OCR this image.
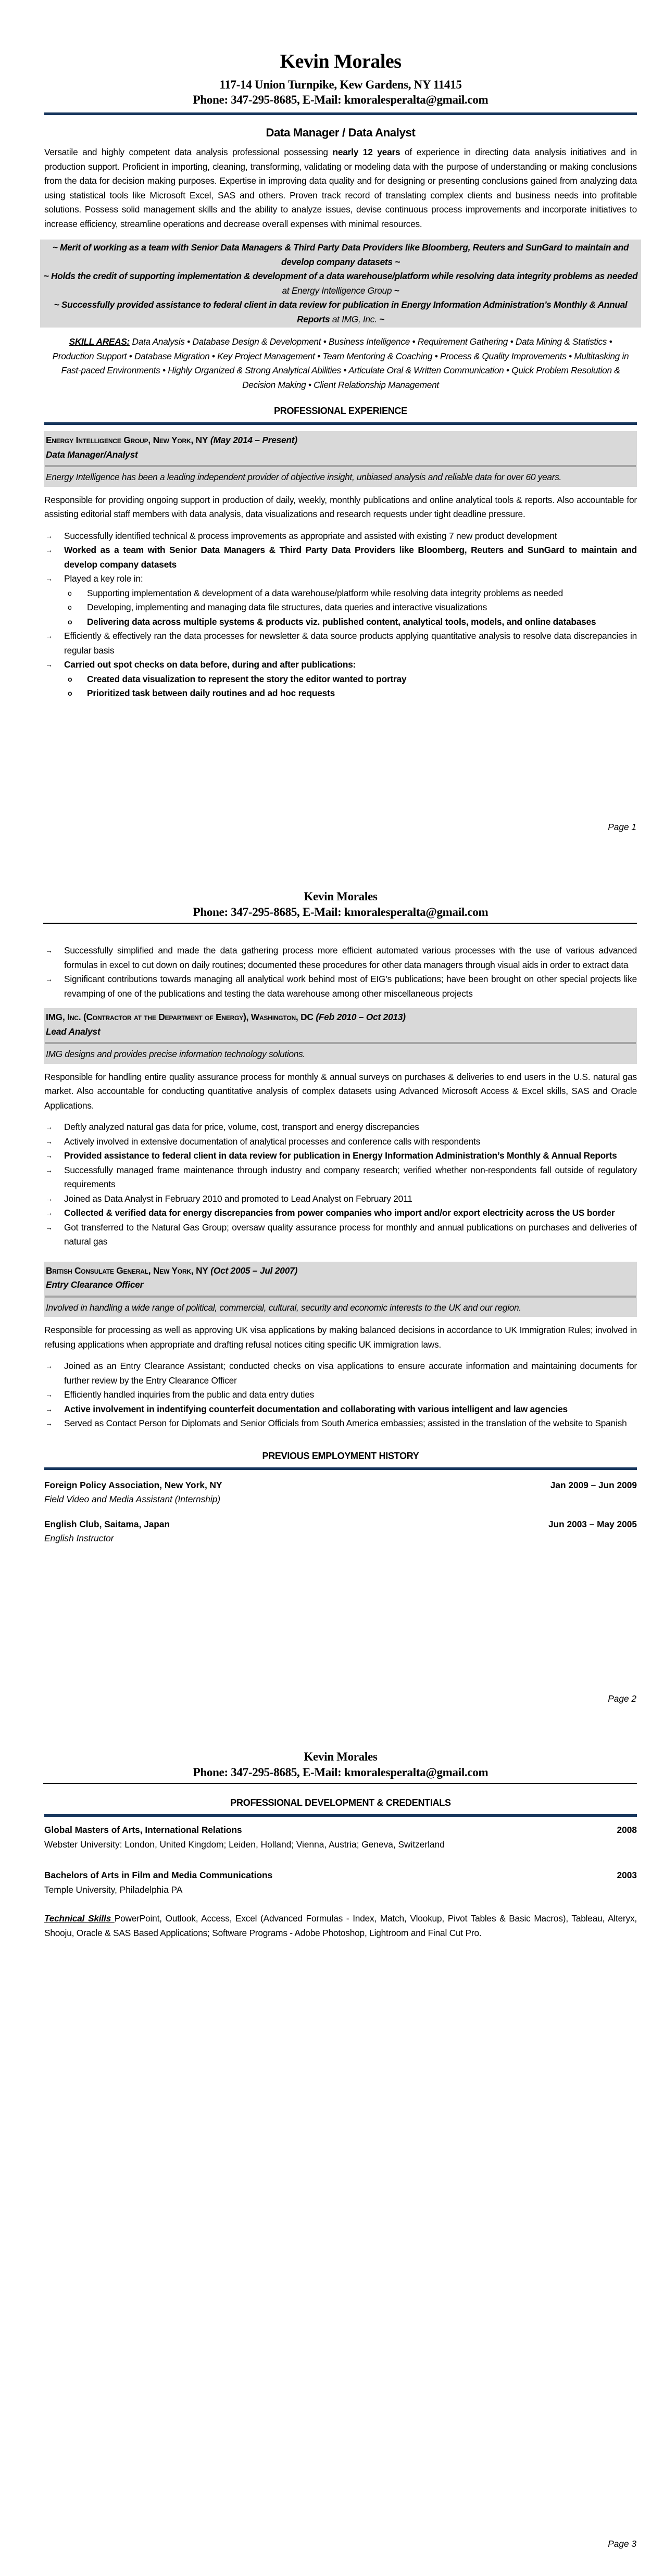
Kevin Morales
117-14 Union Turnpike, Kew Gardens, NY 11415
Phone: 347-295-8685, E-Mail: kmoralesperalta@gmail.com
Data Manager / Data Analyst
Versatile and highly competent data analysis professional possessing nearly 12 years of experience in directing data analysis initiatives and in production support. Proficient in importing, cleaning, transforming, validating or modeling data with the purpose of understanding or making conclusions from the data for decision making purposes. Expertise in improving data quality and for designing or presenting conclusions gained from analyzing data using statistical tools like Microsoft Excel, SAS and others. Proven track record of translating complex clients and business needs into profitable solutions. Possess solid management skills and the ability to analyze issues, devise continuous process improvements and incorporate initiatives to increase efficiency, streamline operations and decrease overall expenses with minimal resources.
~ Merit of working as a team with Senior Data Managers & Third Party Data Providers like Bloomberg, Reuters and SunGard to maintain and develop company datasets ~
~ Holds the credit of supporting implementation & development of a data warehouse/platform while resolving data integrity problems as needed at Energy Intelligence Group ~
~ Successfully provided assistance to federal client in data review for publication in Energy Information Administration’s Monthly & Annual Reports at IMG, Inc. ~
SKILL AREAS: Data Analysis • Database Design & Development • Business Intelligence • Requirement Gathering • Data Mining & Statistics • Production Support • Database Migration • Key Project Management • Team Mentoring & Coaching • Process & Quality Improvements • Multitasking in Fast-paced Environments • Highly Organized & Strong Analytical Abilities • Articulate Oral & Written Communication • Quick Problem Resolution & Decision Making • Client Relationship Management
PROFESSIONAL EXPERIENCE
Energy Intelligence Group, New York, NY (May 2014 – Present)
Data Manager/Analyst
Energy Intelligence has been a leading independent provider of objective insight, unbiased analysis and reliable data for over 60 years.
Responsible for providing ongoing support in production of daily, weekly, monthly publications and online analytical tools & reports. Also accountable for assisting editorial staff members with data analysis, data visualizations and research requests under tight deadline pressure.
→ Successfully identified technical & process improvements as appropriate and assisted with existing 7 new product development
→ Worked as a team with Senior Data Managers & Third Party Data Providers like Bloomberg, Reuters and SunGard to maintain and develop company datasets
→ Played a key role in:
o Supporting implementation & development of a data warehouse/platform while resolving data integrity problems as needed
o Developing, implementing and managing data file structures, data queries and interactive visualizations
o Delivering data across multiple systems & products viz. published content, analytical tools, models, and online databases
→ Efficiently & effectively ran the data processes for newsletter & data source products applying quantitative analysis to resolve data discrepancies in regular basis
→ Carried out spot checks on data before, during and after publications:
o Created data visualization to represent the story the editor wanted to portray
o Prioritized task between daily routines and ad hoc requests
Page 1
Kevin Morales
Phone: 347-295-8685, E-Mail: kmoralesperalta@gmail.com
→ Successfully simplified and made the data gathering process more efficient automated various processes with the use of various advanced formulas in excel to cut down on daily routines; documented these procedures for other data managers through visual aids in order to extract data
→ Significant contributions towards managing all analytical work behind most of EIG’s publications; have been brought on other special projects like revamping of one of the publications and testing the data warehouse among other miscellaneous projects
IMG, Inc. (Contractor at the Department of Energy), Washington, DC (Feb 2010 – Oct 2013)
Lead Analyst
IMG designs and provides precise information technology solutions.
Responsible for handling entire quality assurance process for monthly & annual surveys on purchases & deliveries to end users in the U.S. natural gas market. Also accountable for conducting quantitative analysis of complex datasets using Advanced Microsoft Access & Excel skills, SAS and Oracle Applications.
→ Deftly analyzed natural gas data for price, volume, cost, transport and energy discrepancies
→ Actively involved in extensive documentation of analytical processes and conference calls with respondents
→ Provided assistance to federal client in data review for publication in Energy Information Administration’s Monthly & Annual Reports
→ Successfully managed frame maintenance through industry and company research; verified whether non-respondents fall outside of regulatory requirements
→ Joined as Data Analyst in February 2010 and promoted to Lead Analyst on February 2011
→ Collected & verified data for energy discrepancies from power companies who import and/or export electricity across the US border
→ Got transferred to the Natural Gas Group; oversaw quality assurance process for monthly and annual publications on purchases and deliveries of natural gas
British Consulate General, New York, NY (Oct 2005 – Jul 2007)
Entry Clearance Officer
Involved in handling a wide range of political, commercial, cultural, security and economic interests to the UK and our region.
Responsible for processing as well as approving UK visa applications by making balanced decisions in accordance to UK Immigration Rules; involved in refusing applications when appropriate and drafting refusal notices citing specific UK immigration laws.
→ Joined as an Entry Clearance Assistant; conducted checks on visa applications to ensure accurate information and maintaining documents for further review by the Entry Clearance Officer
→ Efficiently handled inquiries from the public and data entry duties
→ Active involvement in indentifying counterfeit documentation and collaborating with various intelligent and law agencies
→ Served as Contact Person for Diplomats and Senior Officials from South America embassies; assisted in the translation of the website to Spanish
PREVIOUS EMPLOYMENT HISTORY
Foreign Policy Association, New York, NY	Jan 2009 – Jun 2009
Field Video and Media Assistant (Internship)
English Club, Saitama, Japan	Jun 2003 – May 2005
English Instructor
Page 2
Kevin Morales
Phone: 347-295-8685, E-Mail: kmoralesperalta@gmail.com
PROFESSIONAL DEVELOPMENT & CREDENTIALS
Global Masters of Arts, International Relations	2008
Webster University: London, United Kingdom; Leiden, Holland; Vienna, Austria; Geneva, Switzerland
Bachelors of Arts in Film and Media Communications	2003
Temple University, Philadelphia PA
Technical Skills PowerPoint, Outlook, Access, Excel (Advanced Formulas - Index, Match, Vlookup, Pivot Tables & Basic Macros), Tableau, Alteryx, Shooju, Oracle & SAS Based Applications; Software Programs - Adobe Photoshop, Lightroom and Final Cut Pro.
Page 3
